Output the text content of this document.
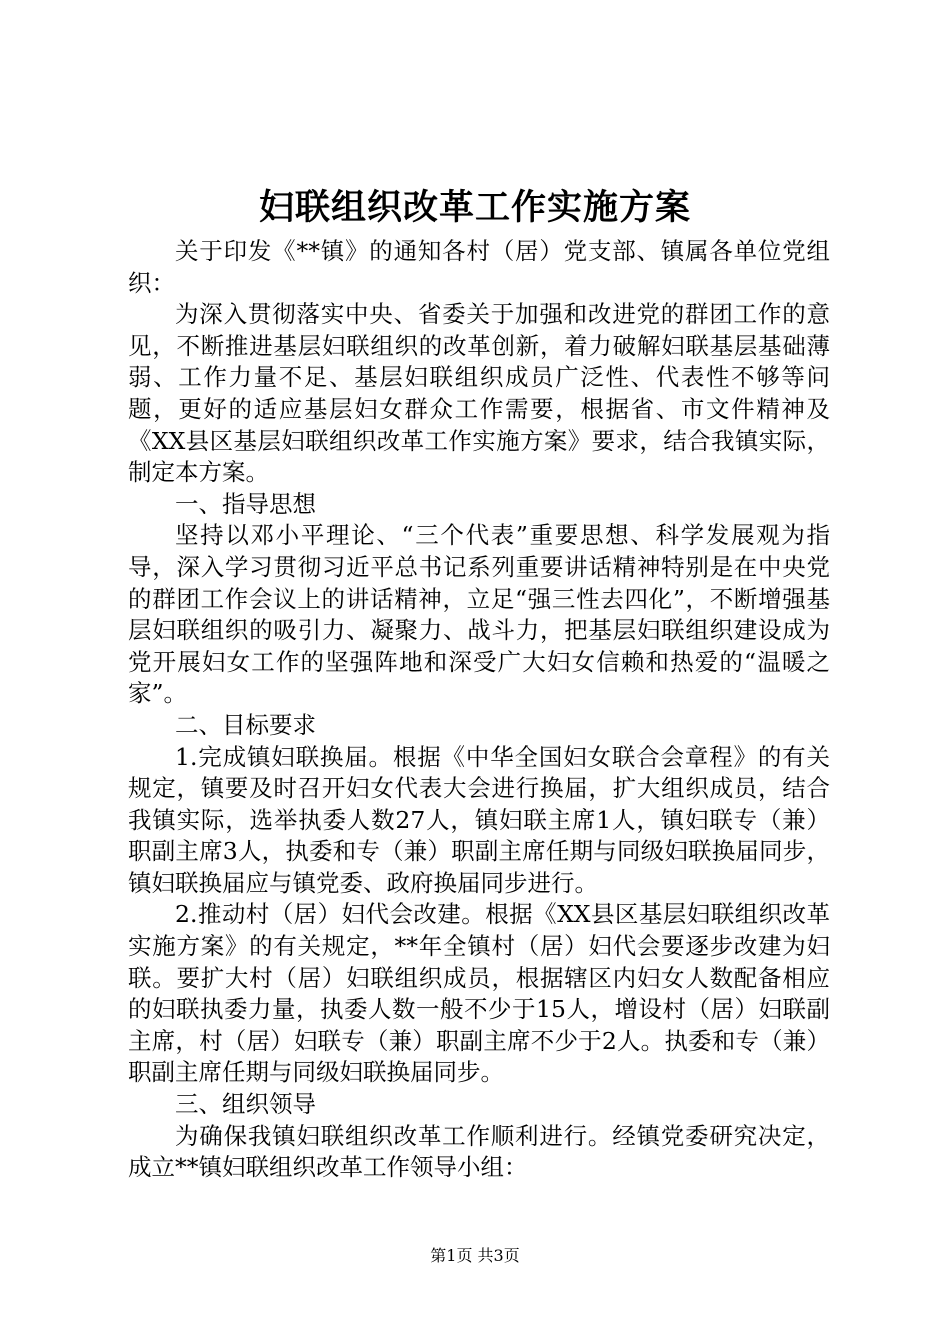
妇联组织改革工作实施方案

关于印发《**镇》的通知各村（居）党支部、镇属各单位党组织：

为深入贯彻落实中央、省委关于加强和改进党的群团工作的意见，不断推进基层妇联组织的改革创新，着力破解妇联基层基础薄弱、工作力量不足、基层妇联组织成员广泛性、代表性不够等问题，更好的适应基层妇女群众工作需要，根据省、市文件精神及《XX县区基层妇联组织改革工作实施方案》要求，结合我镇实际，制定本方案。

一、指导思想

坚持以邓小平理论、“三个代表”重要思想、科学发展观为指导，深入学习贯彻习近平总书记系列重要讲话精神特别是在中央党的群团工作会议上的讲话精神，立足“强三性去四化”，不断增强基层妇联组织的吸引力、凝聚力、战斗力，把基层妇联组织建设成为党开展妇女工作的坚强阵地和深受广大妇女信赖和热爱的“温暖之家”。

二、目标要求

1.完成镇妇联换届。根据《中华全国妇女联合会章程》的有关规定，镇要及时召开妇女代表大会进行换届，扩大组织成员，结合我镇实际，选举执委人数27人，镇妇联主席1人，镇妇联专（兼）职副主席3人，执委和专（兼）职副主席任期与同级妇联换届同步，镇妇联换届应与镇党委、政府换届同步进行。

2.推动村（居）妇代会改建。根据《XX县区基层妇联组织改革实施方案》的有关规定，**年全镇村（居）妇代会要逐步改建为妇联。要扩大村（居）妇联组织成员，根据辖区内妇女人数配备相应的妇联执委力量，执委人数一般不少于15人，增设村（居）妇联副主席，村（居）妇联专（兼）职副主席不少于2人。执委和专（兼）职副主席任期与同级妇联换届同步。

三、组织领导

为确保我镇妇联组织改革工作顺利进行。经镇党委研究决定，成立**镇妇联组织改革工作领导小组：

第1页 共3页
